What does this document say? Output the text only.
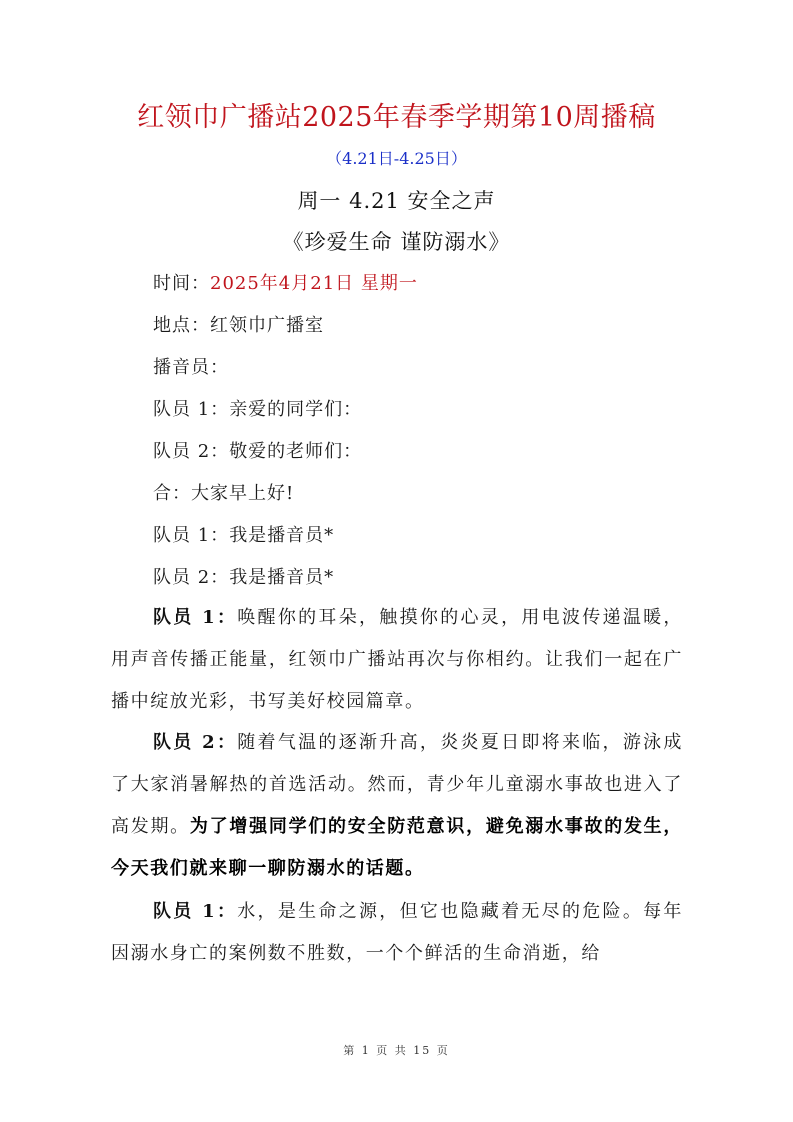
红领巾广播站2025年春季学期第10周播稿
（4.21日-4.25日）
周一 4.21 安全之声
《珍爱生命 谨防溺水》
时间：2025年4月21日 星期一
地点：红领巾广播室
播音员：
队员 1：亲爱的同学们：
队员 2：敬爱的老师们：
合：大家早上好!
队员 1：我是播音员*
队员 2：我是播音员*
队员 1：唤醒你的耳朵，触摸你的心灵，用电波传递温暖，用声音传播正能量，红领巾广播站再次与你相约。让我们一起在广播中绽放光彩，书写美好校园篇章。
队员 2：随着气温的逐渐升高，炎炎夏日即将来临，游泳成了大家消暑解热的首选活动。然而，青少年儿童溺水事故也进入了高发期。为了增强同学们的安全防范意识，避免溺水事故的发生，今天我们就来聊一聊防溺水的话题。
队员 1：水，是生命之源，但它也隐藏着无尽的危险。每年因溺水身亡的案例数不胜数，一个个鲜活的生命消逝，给
第 1 页 共 15 页
